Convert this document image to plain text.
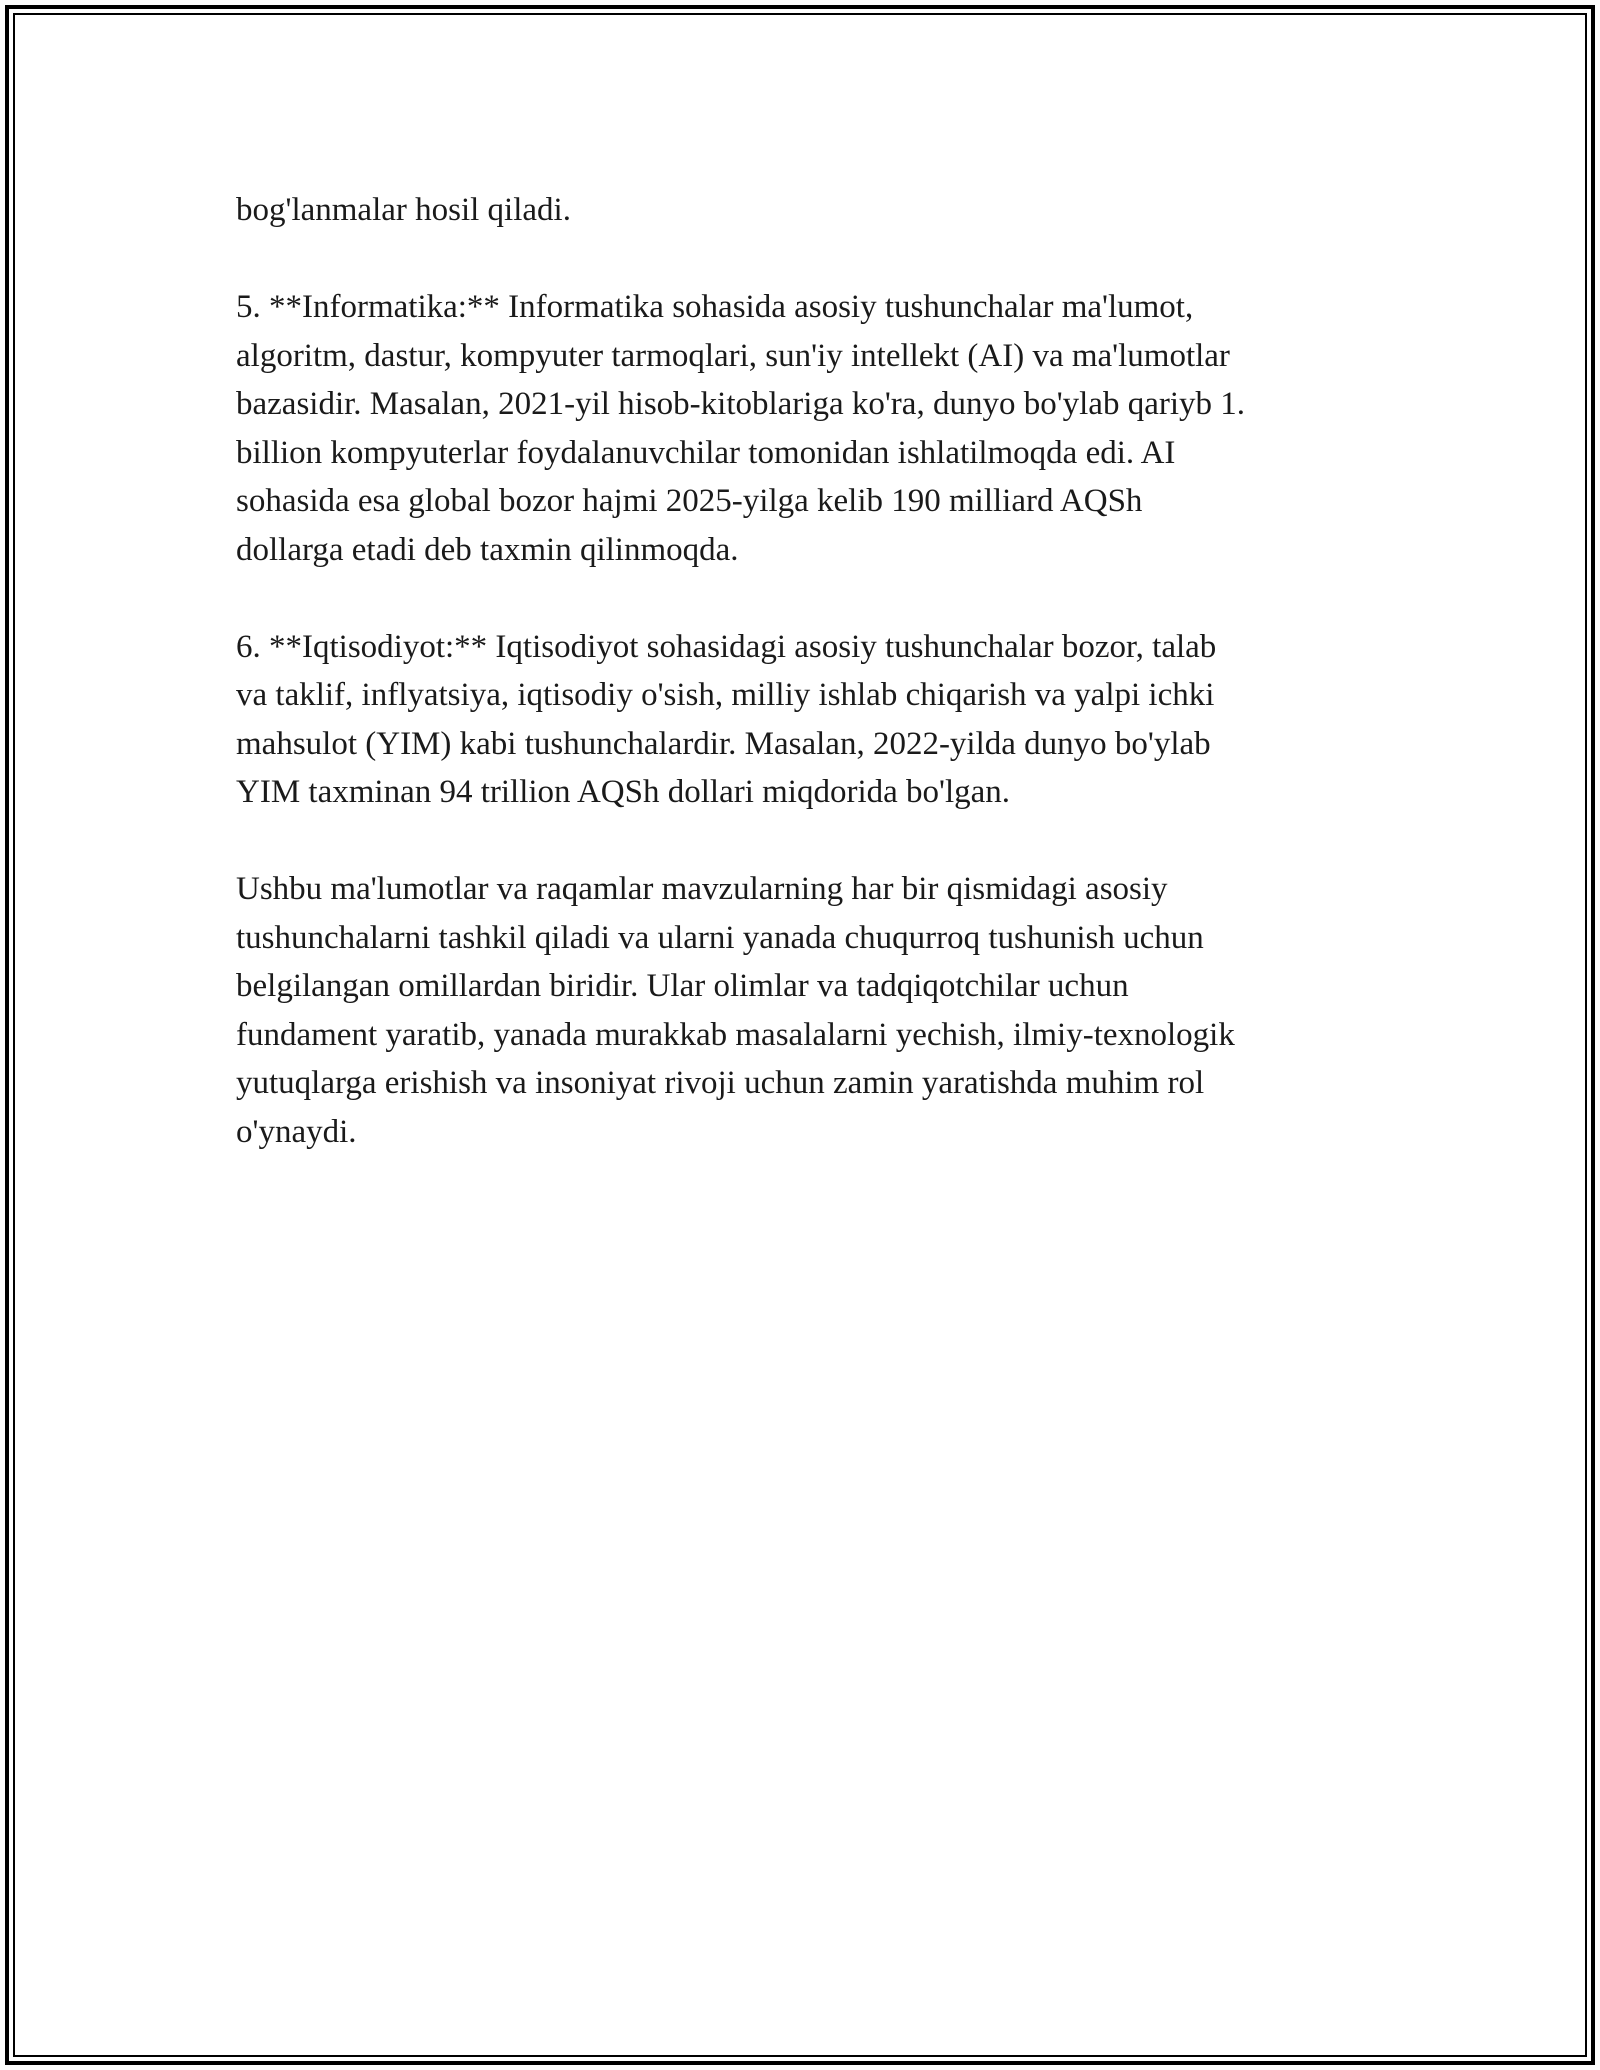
bog'lanmalar hosil qiladi.

5. **Informatika:** Informatika sohasida asosiy tushunchalar ma'lumot,
algoritm, dastur, kompyuter tarmoqlari, sun'iy intellekt (AI) va ma'lumotlar
bazasidir. Masalan, 2021-yil hisob-kitoblariga ko'ra, dunyo bo'ylab qariyb 1.
billion kompyuterlar foydalanuvchilar tomonidan ishlatilmoqda edi. AI
sohasida esa global bozor hajmi 2025-yilga kelib 190 milliard AQSh
dollarga etadi deb taxmin qilinmoqda.

6. **Iqtisodiyot:** Iqtisodiyot sohasidagi asosiy tushunchalar bozor, talab
va taklif, inflyatsiya, iqtisodiy o'sish, milliy ishlab chiqarish va yalpi ichki
mahsulot (YIM) kabi tushunchalardir. Masalan, 2022-yilda dunyo bo'ylab
YIM taxminan 94 trillion AQSh dollari miqdorida bo'lgan.

Ushbu ma'lumotlar va raqamlar mavzularning har bir qismidagi asosiy
tushunchalarni tashkil qiladi va ularni yanada chuqurroq tushunish uchun
belgilangan omillardan biridir. Ular olimlar va tadqiqotchilar uchun
fundament yaratib, yanada murakkab masalalarni yechish, ilmiy-texnologik
yutuqlarga erishish va insoniyat rivoji uchun zamin yaratishda muhim rol
o'ynaydi.
